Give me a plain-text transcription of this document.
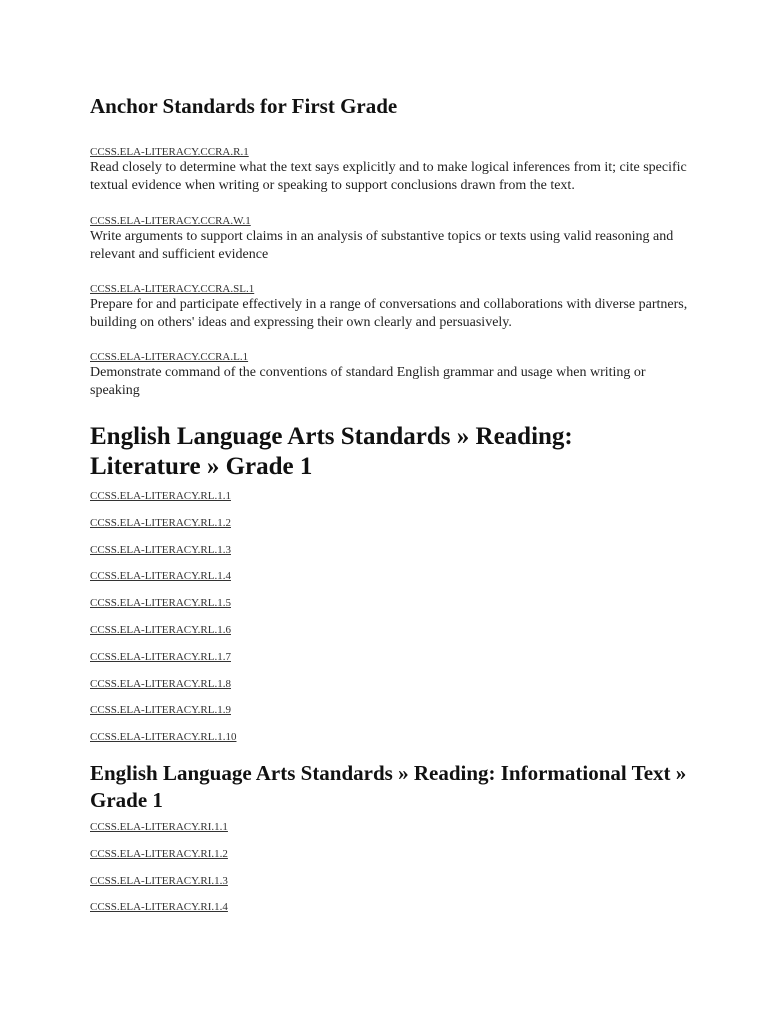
Anchor Standards for First Grade
CCSS.ELA-LITERACY.CCRA.R.1

Read closely to determine what the text says explicitly and to make logical inferences from it; cite specific textual evidence when writing or speaking to support conclusions drawn from the text.

CCSS.ELA-LITERACY.CCRA.W.1

Write arguments to support claims in an analysis of substantive topics or texts using valid reasoning and relevant and sufficient evidence

CCSS.ELA-LITERACY.CCRA.SL.1

Prepare for and participate effectively in a range of conversations and collaborations with diverse partners, building on others' ideas and expressing their own clearly and persuasively.

CCSS.ELA-LITERACY.CCRA.L.1

Demonstrate command of the conventions of standard English grammar and usage when writing or speaking

English Language Arts Standards » Reading: Literature » Grade 1
CCSS.ELA-LITERACY.RL.1.1
CCSS.ELA-LITERACY.RL.1.2
CCSS.ELA-LITERACY.RL.1.3
CCSS.ELA-LITERACY.RL.1.4
CCSS.ELA-LITERACY.RL.1.5
CCSS.ELA-LITERACY.RL.1.6
CCSS.ELA-LITERACY.RL.1.7
CCSS.ELA-LITERACY.RL.1.8
CCSS.ELA-LITERACY.RL.1.9
CCSS.ELA-LITERACY.RL.1.10
English Language Arts Standards » Reading: Informational Text » Grade 1
CCSS.ELA-LITERACY.RI.1.1
CCSS.ELA-LITERACY.RI.1.2
CCSS.ELA-LITERACY.RI.1.3
CCSS.ELA-LITERACY.RI.1.4
